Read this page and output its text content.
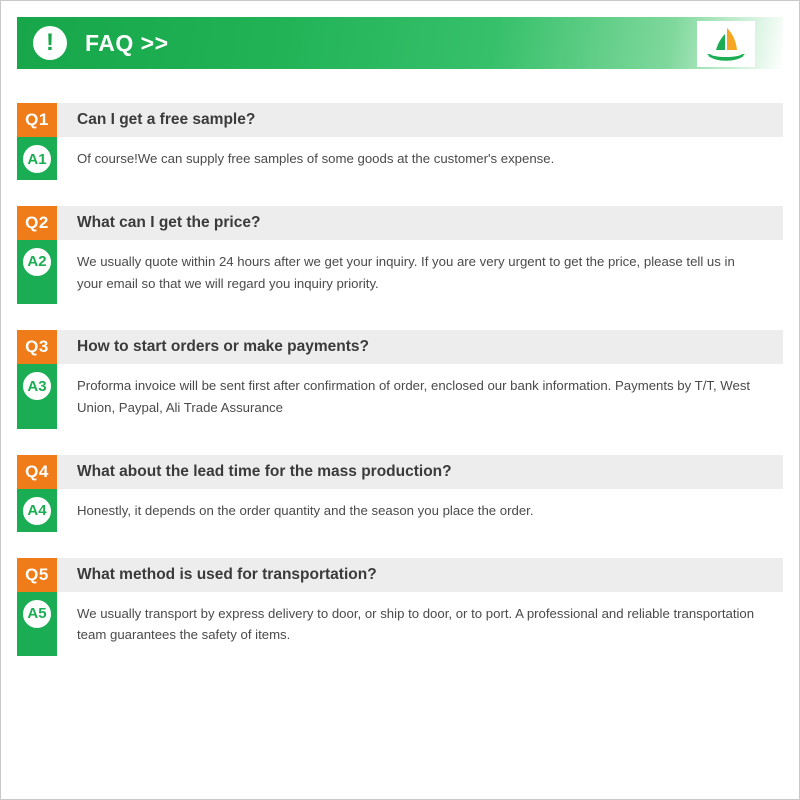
!	FAQ >>
Q1	Can I get a free sample?
A1	Of course!We can supply free samples of some goods at the customer's expense.
Q2	What can I get the price?
A2	We usually quote within 24 hours after we get your inquiry. If you are very urgent to get the price, please tell us in your email so that we will regard you inquiry priority.
Q3	How to start orders or make payments?
A3	Proforma invoice will be sent first after confirmation of order, enclosed our bank information. Payments by T/T, West Union, Paypal, Ali Trade Assurance
Q4	What about the lead time for the mass production?
A4	Honestly, it depends on the order quantity and the season you place the order.
Q5	What method is used for transportation?
A5	We usually transport by express delivery to door, or ship to door, or to port. A professional and reliable transportation team guarantees the safety of items.
